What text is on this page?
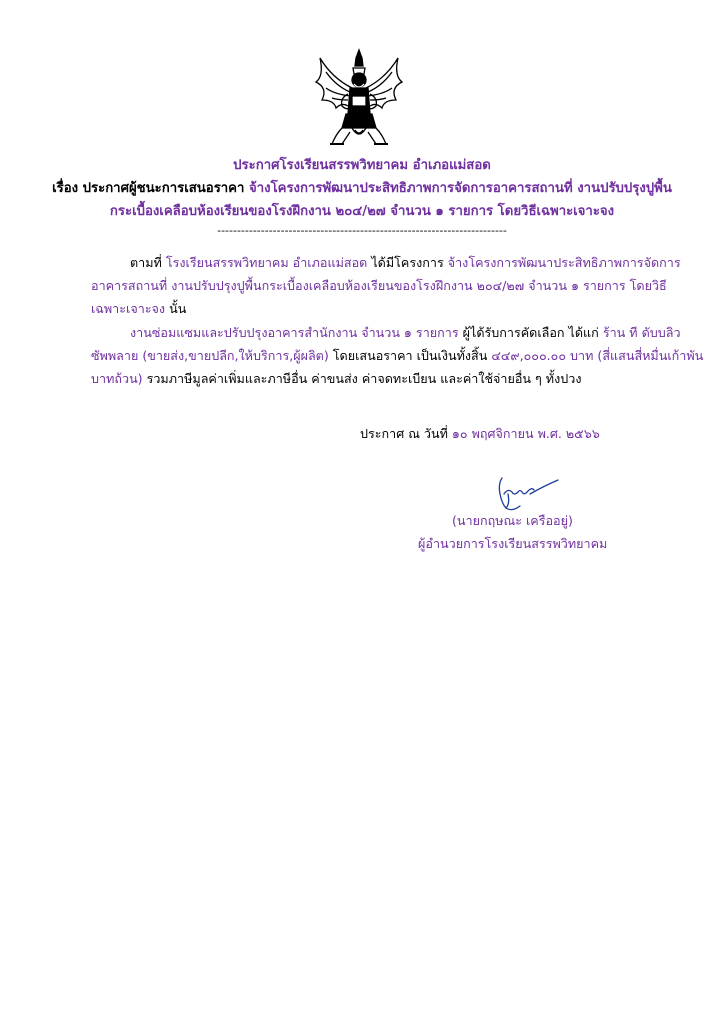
ประกาศโรงเรียนสรรพวิทยาคม อำเภอแม่สอด
เรื่อง ประกาศผู้ชนะการเสนอราคา จ้างโครงการพัฒนาประสิทธิภาพการจัดการอาคารสถานที่ งานปรับปรุงปูพื้น
กระเบื้องเคลือบห้องเรียนของโรงฝึกงาน ๒๐๔/๒๗ จำนวน ๑ รายการ โดยวิธีเฉพาะเจาะจง
-------------------------------------------------------------------------
ตามที่ โรงเรียนสรรพวิทยาคม อำเภอแม่สอด ได้มีโครงการ จ้างโครงการพัฒนาประสิทธิภาพการจัดการ
อาคารสถานที่ งานปรับปรุงปูพื้นกระเบื้องเคลือบห้องเรียนของโรงฝึกงาน ๒๐๔/๒๗ จำนวน ๑ รายการ โดยวิธี
เฉพาะเจาะจง นั้น
งานซ่อมแซมและปรับปรุงอาคารสำนักงาน จำนวน ๑ รายการ ผู้ได้รับการคัดเลือก ได้แก่ ร้าน ที ดับบลิว
ซัพพลาย (ขายส่ง,ขายปลีก,ให้บริการ,ผู้ผลิต) โดยเสนอราคา เป็นเงินทั้งสิ้น ๔๔๙,๐๐๐.๐๐ บาท (สี่แสนสี่หมื่นเก้าพัน
บาทถ้วน) รวมภาษีมูลค่าเพิ่มและภาษีอื่น ค่าขนส่ง ค่าจดทะเบียน และค่าใช้จ่ายอื่น ๆ ทั้งปวง
ประกาศ ณ วันที่ ๑๐ พฤศจิกายน พ.ศ. ๒๕๖๖
(นายกฤษณะ เครืออยู่)
ผู้อำนวยการโรงเรียนสรรพวิทยาคม
